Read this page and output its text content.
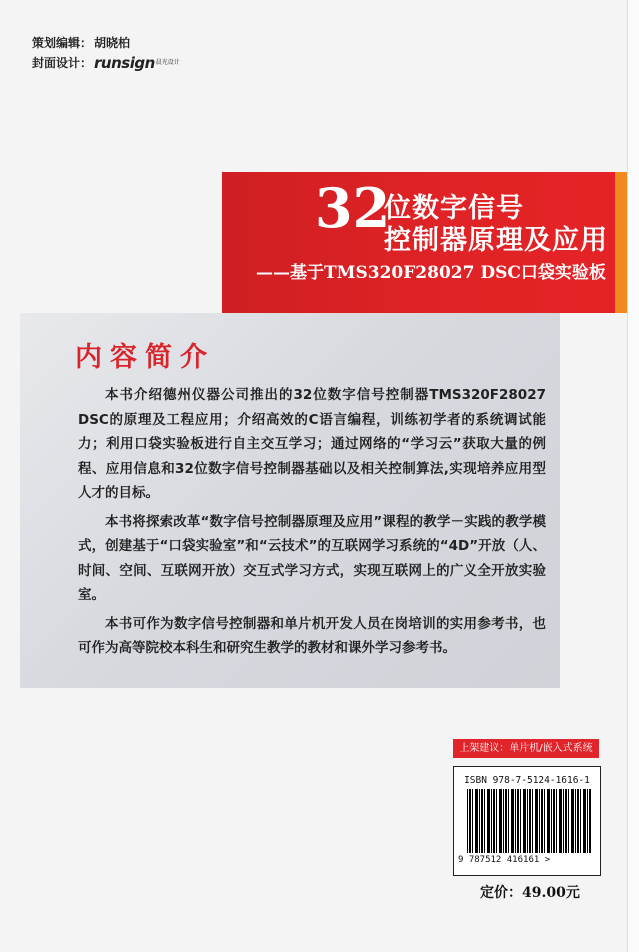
策划编辑： 胡晓柏
封面设计： runsign 晨光设计
32
位数字信号
控制器原理及应用
——基于TMS320F28027 DSC口袋实验板
内容简介

本书介绍德州仪器公司推出的32位数字信号控制器TMS320F28027 DSC的原理及工程应用；介绍高效的C语言编程，训练初学者的系统调试能力；利用口袋实验板进行自主交互学习；通过网络的“学习云”获取大量的例程、应用信息和32位数字信号控制器基础以及相关控制算法,实现培养应用型人才的目标。

本书将探索改革“数字信号控制器原理及应用”课程的教学－实践的教学模式，创建基于“口袋实验室”和“云技术”的互联网学习系统的“4D”开放（人、时间、空间、互联网开放）交互式学习方式，实现互联网上的广义全开放实验室。

本书可作为数字信号控制器和单片机开发人员在岗培训的实用参考书，也可作为高等院校本科生和研究生教学的教材和课外学习参考书。

上架建议：单片机/嵌入式系统
ISBN 978-7-5124-1616-1
9 787512 416161 >
定价：49.00元
